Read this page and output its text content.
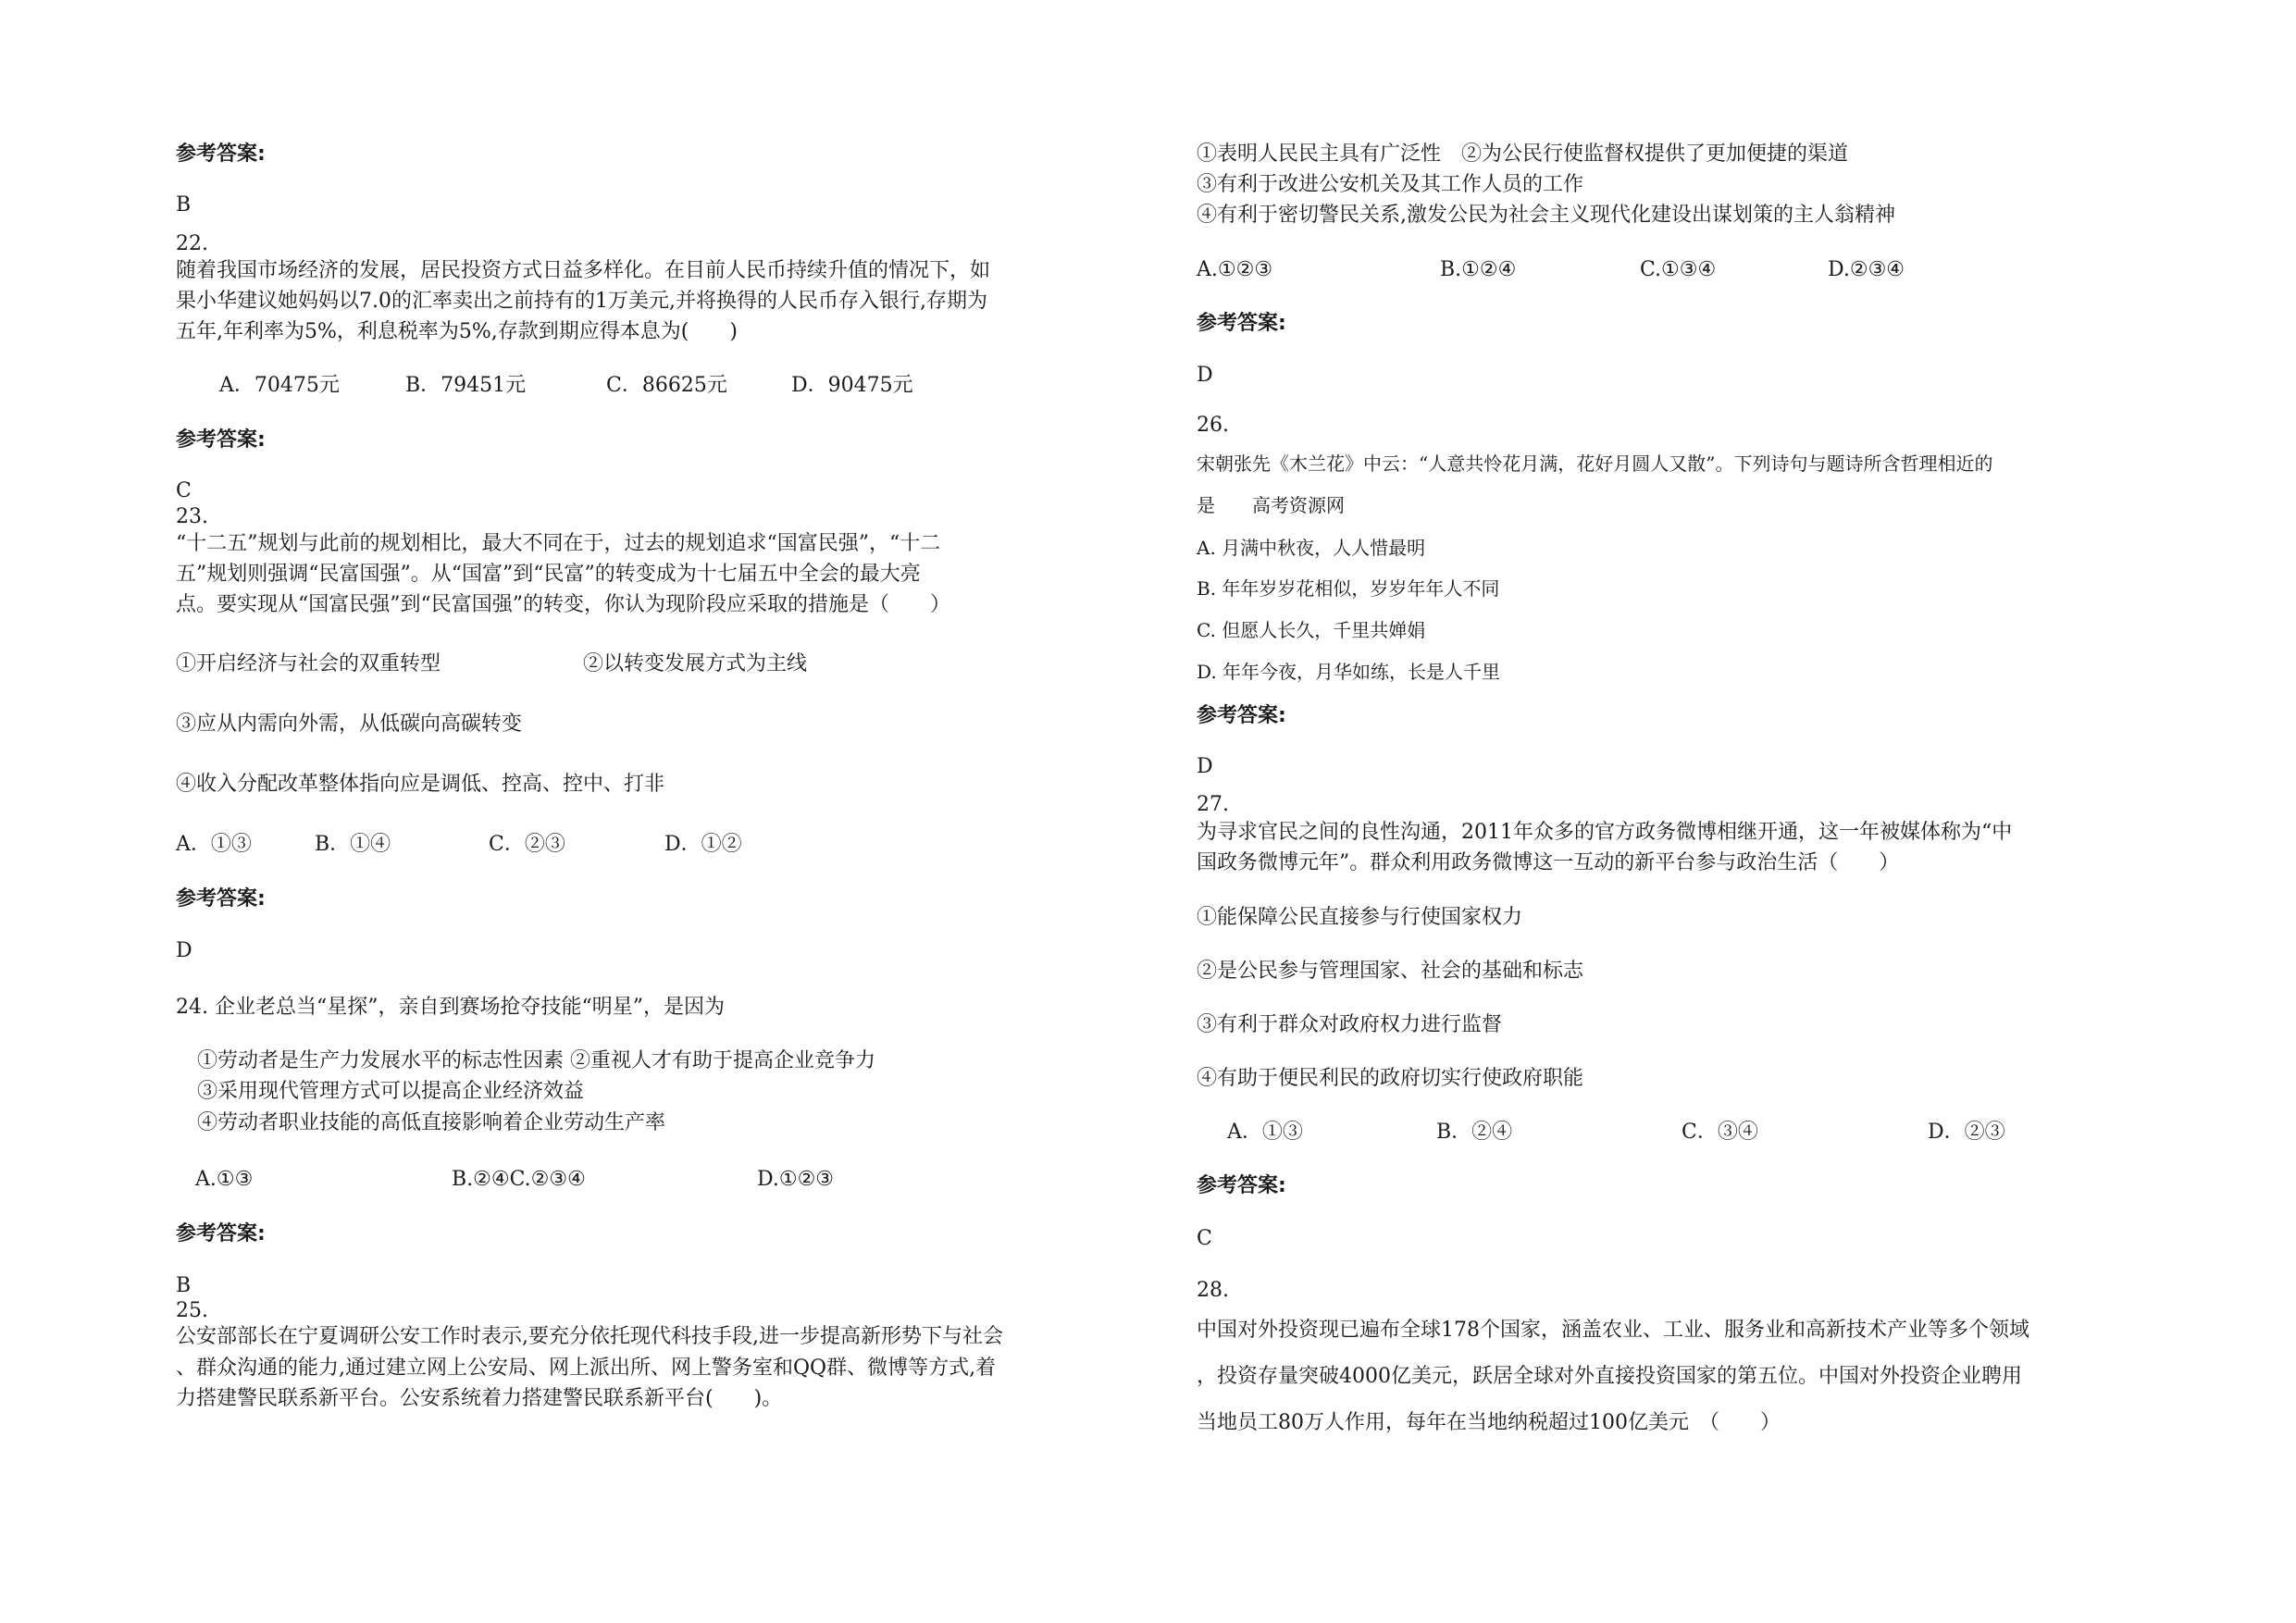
参考答案:
B
22.
随着我国市场经济的发展，居民投资方式日益多样化。在目前人民币持续升值的情况下，如
果小华建议她妈妈以7.0的汇率卖出之前持有的1万美元,并将换得的人民币存入银行,存期为
五年,年利率为5%，利息税率为5%,存款到期应得本息为(　　)
A．70475元	B．79451元	C．86625元	D．90475元
参考答案:
C
23.
“十二五”规划与此前的规划相比，最大不同在于，过去的规划追求“国富民强”，“十二
五”规划则强调“民富国强”。从“国富”到“民富”的转变成为十七届五中全会的最大亮
点。要实现从“国富民强”到“民富国强”的转变，你认为现阶段应采取的措施是（　　）
①开启经济与社会的双重转型	②以转变发展方式为主线
③应从内需向外需，从低碳向高碳转变
④收入分配改革整体指向应是调低、控高、控中、打非
A．①③	B．①④	C．②③	D．①②
参考答案:
D
24. 企业老总当“星探”，亲自到赛场抢夺技能“明星”，是因为
①劳动者是生产力发展水平的标志性因素 ②重视人才有助于提高企业竞争力
③采用现代管理方式可以提高企业经济效益
④劳动者职业技能的高低直接影响着企业劳动生产率
A.①③	B.②④C.②③④	D.①②③
参考答案:
B
25.
公安部部长在宁夏调研公安工作时表示,要充分依托现代科技手段,进一步提高新形势下与社会
、群众沟通的能力,通过建立网上公安局、网上派出所、网上警务室和QQ群、微博等方式,着
力搭建警民联系新平台。公安系统着力搭建警民联系新平台(　　)。
①表明人民民主具有广泛性　②为公民行使监督权提供了更加便捷的渠道
③有利于改进公安机关及其工作人员的工作
④有利于密切警民关系,激发公民为社会主义现代化建设出谋划策的主人翁精神
A.①②③	B.①②④	C.①③④	D.②③④
参考答案:
D
26.
宋朝张先《木兰花》中云：“人意共怜花月满，花好月圆人又散”。下列诗句与题诗所含哲理相近的
是　　高考资源网
A. 月满中秋夜，人人惜最明
B. 年年岁岁花相似，岁岁年年人不同
C. 但愿人长久，千里共婵娟
D. 年年今夜，月华如练，长是人千里
参考答案:
D
27.
为寻求官民之间的良性沟通，2011年众多的官方政务微博相继开通，这一年被媒体称为“中
国政务微博元年”。群众利用政务微博这一互动的新平台参与政治生活（　　）
①能保障公民直接参与行使国家权力
②是公民参与管理国家、社会的基础和标志
③有利于群众对政府权力进行监督
④有助于便民利民的政府切实行使政府职能
A．①③	B．②④	C．③④	D．②③
参考答案:
C
28.
中国对外投资现已遍布全球178个国家，涵盖农业、工业、服务业和高新技术产业等多个领域
，投资存量突破4000亿美元，跃居全球对外直接投资国家的第五位。中国对外投资企业聘用
当地员工80万人作用，每年在当地纳税超过100亿美元　（　　）
